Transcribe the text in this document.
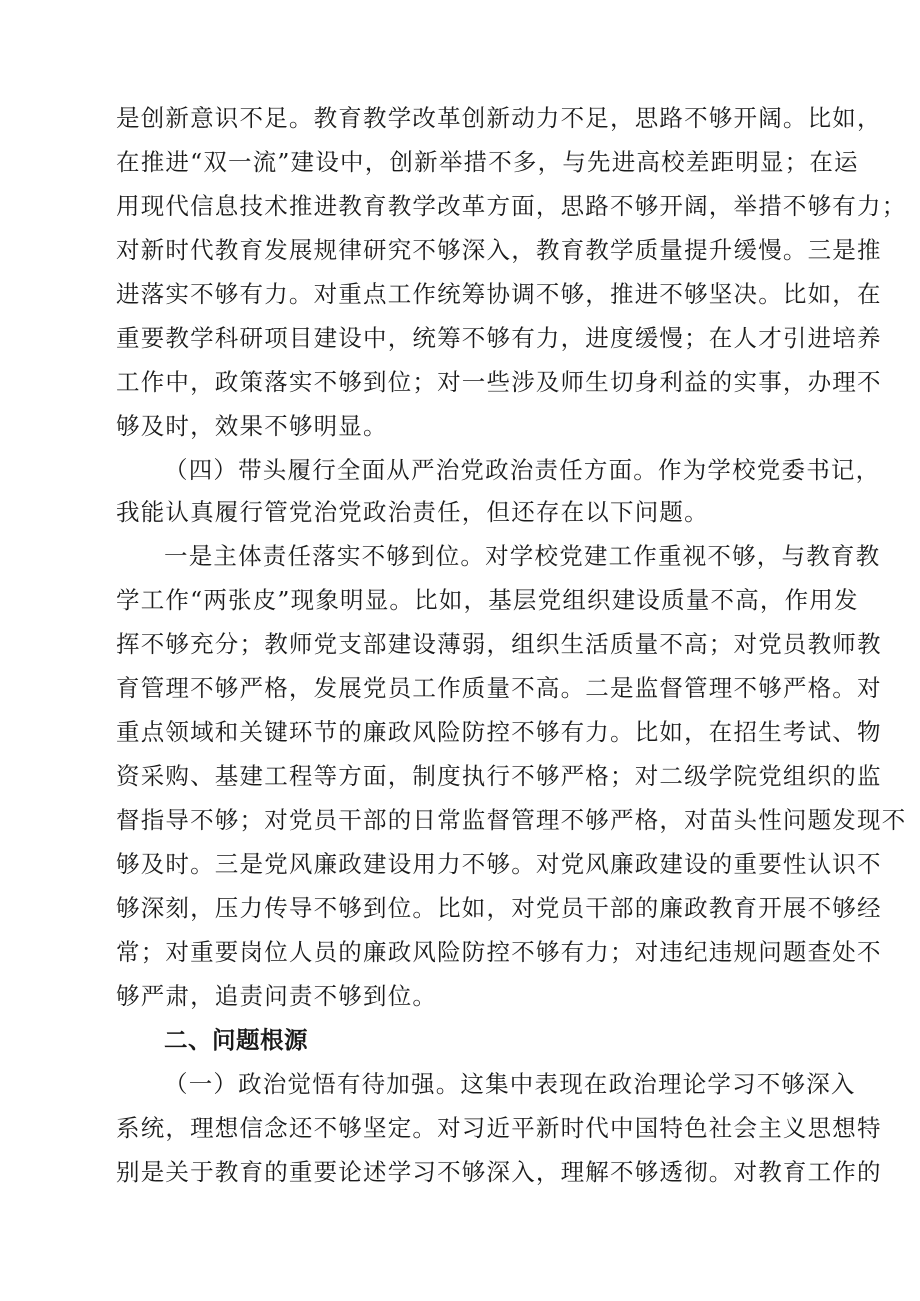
是创新意识不足。教育教学改革创新动力不足，思路不够开阔。比如，
在推进“双一流”建设中，创新举措不多，与先进高校差距明显；在运
用现代信息技术推进教育教学改革方面，思路不够开阔，举措不够有力；
对新时代教育发展规律研究不够深入，教育教学质量提升缓慢。三是推
进落实不够有力。对重点工作统筹协调不够，推进不够坚决。比如，在
重要教学科研项目建设中，统筹不够有力，进度缓慢；在人才引进培养
工作中，政策落实不够到位；对一些涉及师生切身利益的实事，办理不
够及时，效果不够明显。
（四）带头履行全面从严治党政治责任方面。作为学校党委书记，
我能认真履行管党治党政治责任，但还存在以下问题。
一是主体责任落实不够到位。对学校党建工作重视不够，与教育教
学工作“两张皮”现象明显。比如，基层党组织建设质量不高，作用发
挥不够充分；教师党支部建设薄弱，组织生活质量不高；对党员教师教
育管理不够严格，发展党员工作质量不高。二是监督管理不够严格。对
重点领域和关键环节的廉政风险防控不够有力。比如，在招生考试、物
资采购、基建工程等方面，制度执行不够严格；对二级学院党组织的监
督指导不够；对党员干部的日常监督管理不够严格，对苗头性问题发现不
够及时。三是党风廉政建设用力不够。对党风廉政建设的重要性认识不
够深刻，压力传导不够到位。比如，对党员干部的廉政教育开展不够经
常；对重要岗位人员的廉政风险防控不够有力；对违纪违规问题查处不
够严肃，追责问责不够到位。
二、问题根源
（一）政治觉悟有待加强。这集中表现在政治理论学习不够深入
系统，理想信念还不够坚定。对习近平新时代中国特色社会主义思想特
别是关于教育的重要论述学习不够深入，理解不够透彻。对教育工作的
